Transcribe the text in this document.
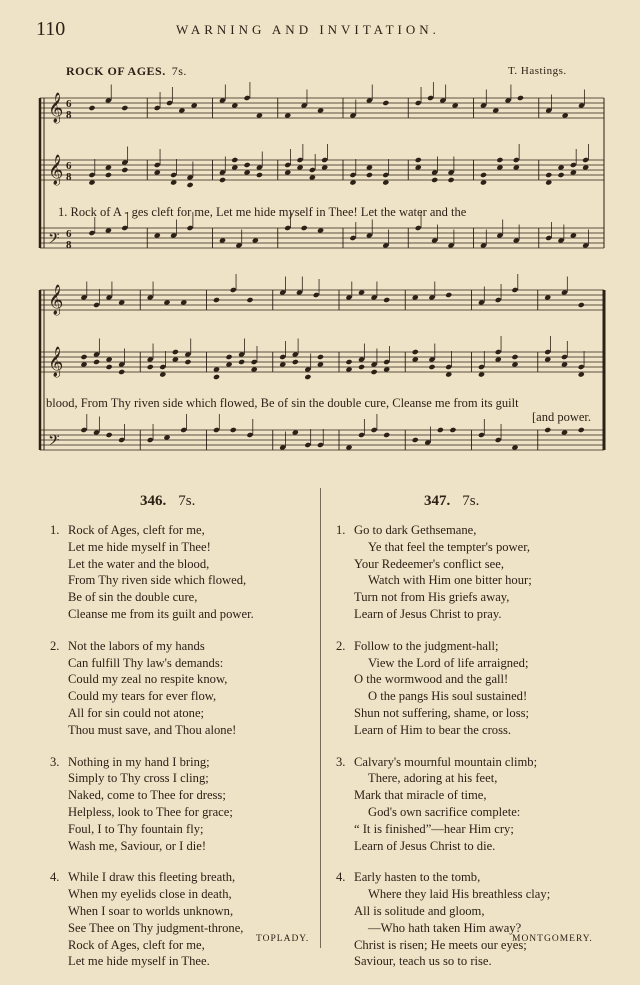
110	WARNING AND INVITATION.
ROCK OF AGES. 7s.	T. Hastings.
𝄞 6
8
𝄞 6
8
𝄢 6
8
𝄞
𝄞
𝄢
1. Rock of A - ges cleft for me, Let me hide myself in Thee! Let the water and the
blood, From Thy riven side which flowed, Be of sin the double cure, Cleanse me from its guilt
[and power.
346. 7s.	347. 7s.
1. Rock of Ages, cleft for me,
Let me hide myself in Thee!
Let the water and the blood,
From Thy riven side which flowed,
Be of sin the double cure,
Cleanse me from its guilt and power.
2. Not the labors of my hands
Can fulfill Thy law's demands:
Could my zeal no respite know,
Could my tears for ever flow,
All for sin could not atone;
Thou must save, and Thou alone!
3. Nothing in my hand I bring;
Simply to Thy cross I cling;
Naked, come to Thee for dress;
Helpless, look to Thee for grace;
Foul, I to Thy fountain fly;
Wash me, Saviour, or I die!
4. While I draw this fleeting breath,
When my eyelids close in death,
When I soar to worlds unknown,
See Thee on Thy judgment-throne,
Rock of Ages, cleft for me,
Let me hide myself in Thee.
1. Go to dark Gethsemane,
Ye that feel the tempter's power,
Your Redeemer's conflict see,
Watch with Him one bitter hour;
Turn not from His griefs away,
Learn of Jesus Christ to pray.
2. Follow to the judgment-hall;
View the Lord of life arraigned;
O the wormwood and the gall!
O the pangs His soul sustained!
Shun not suffering, shame, or loss;
Learn of Him to bear the cross.
3. Calvary's mournful mountain climb;
There, adoring at his feet,
Mark that miracle of time,
God's own sacrifice complete:
“ It is finished”—hear Him cry;
Learn of Jesus Christ to die.
4. Early hasten to the tomb,
Where they laid His breathless clay;
All is solitude and gloom,
—Who hath taken Him away?
Christ is risen; He meets our eyes;
Saviour, teach us so to rise.
TOPLADY.	MONTGOMERY.
